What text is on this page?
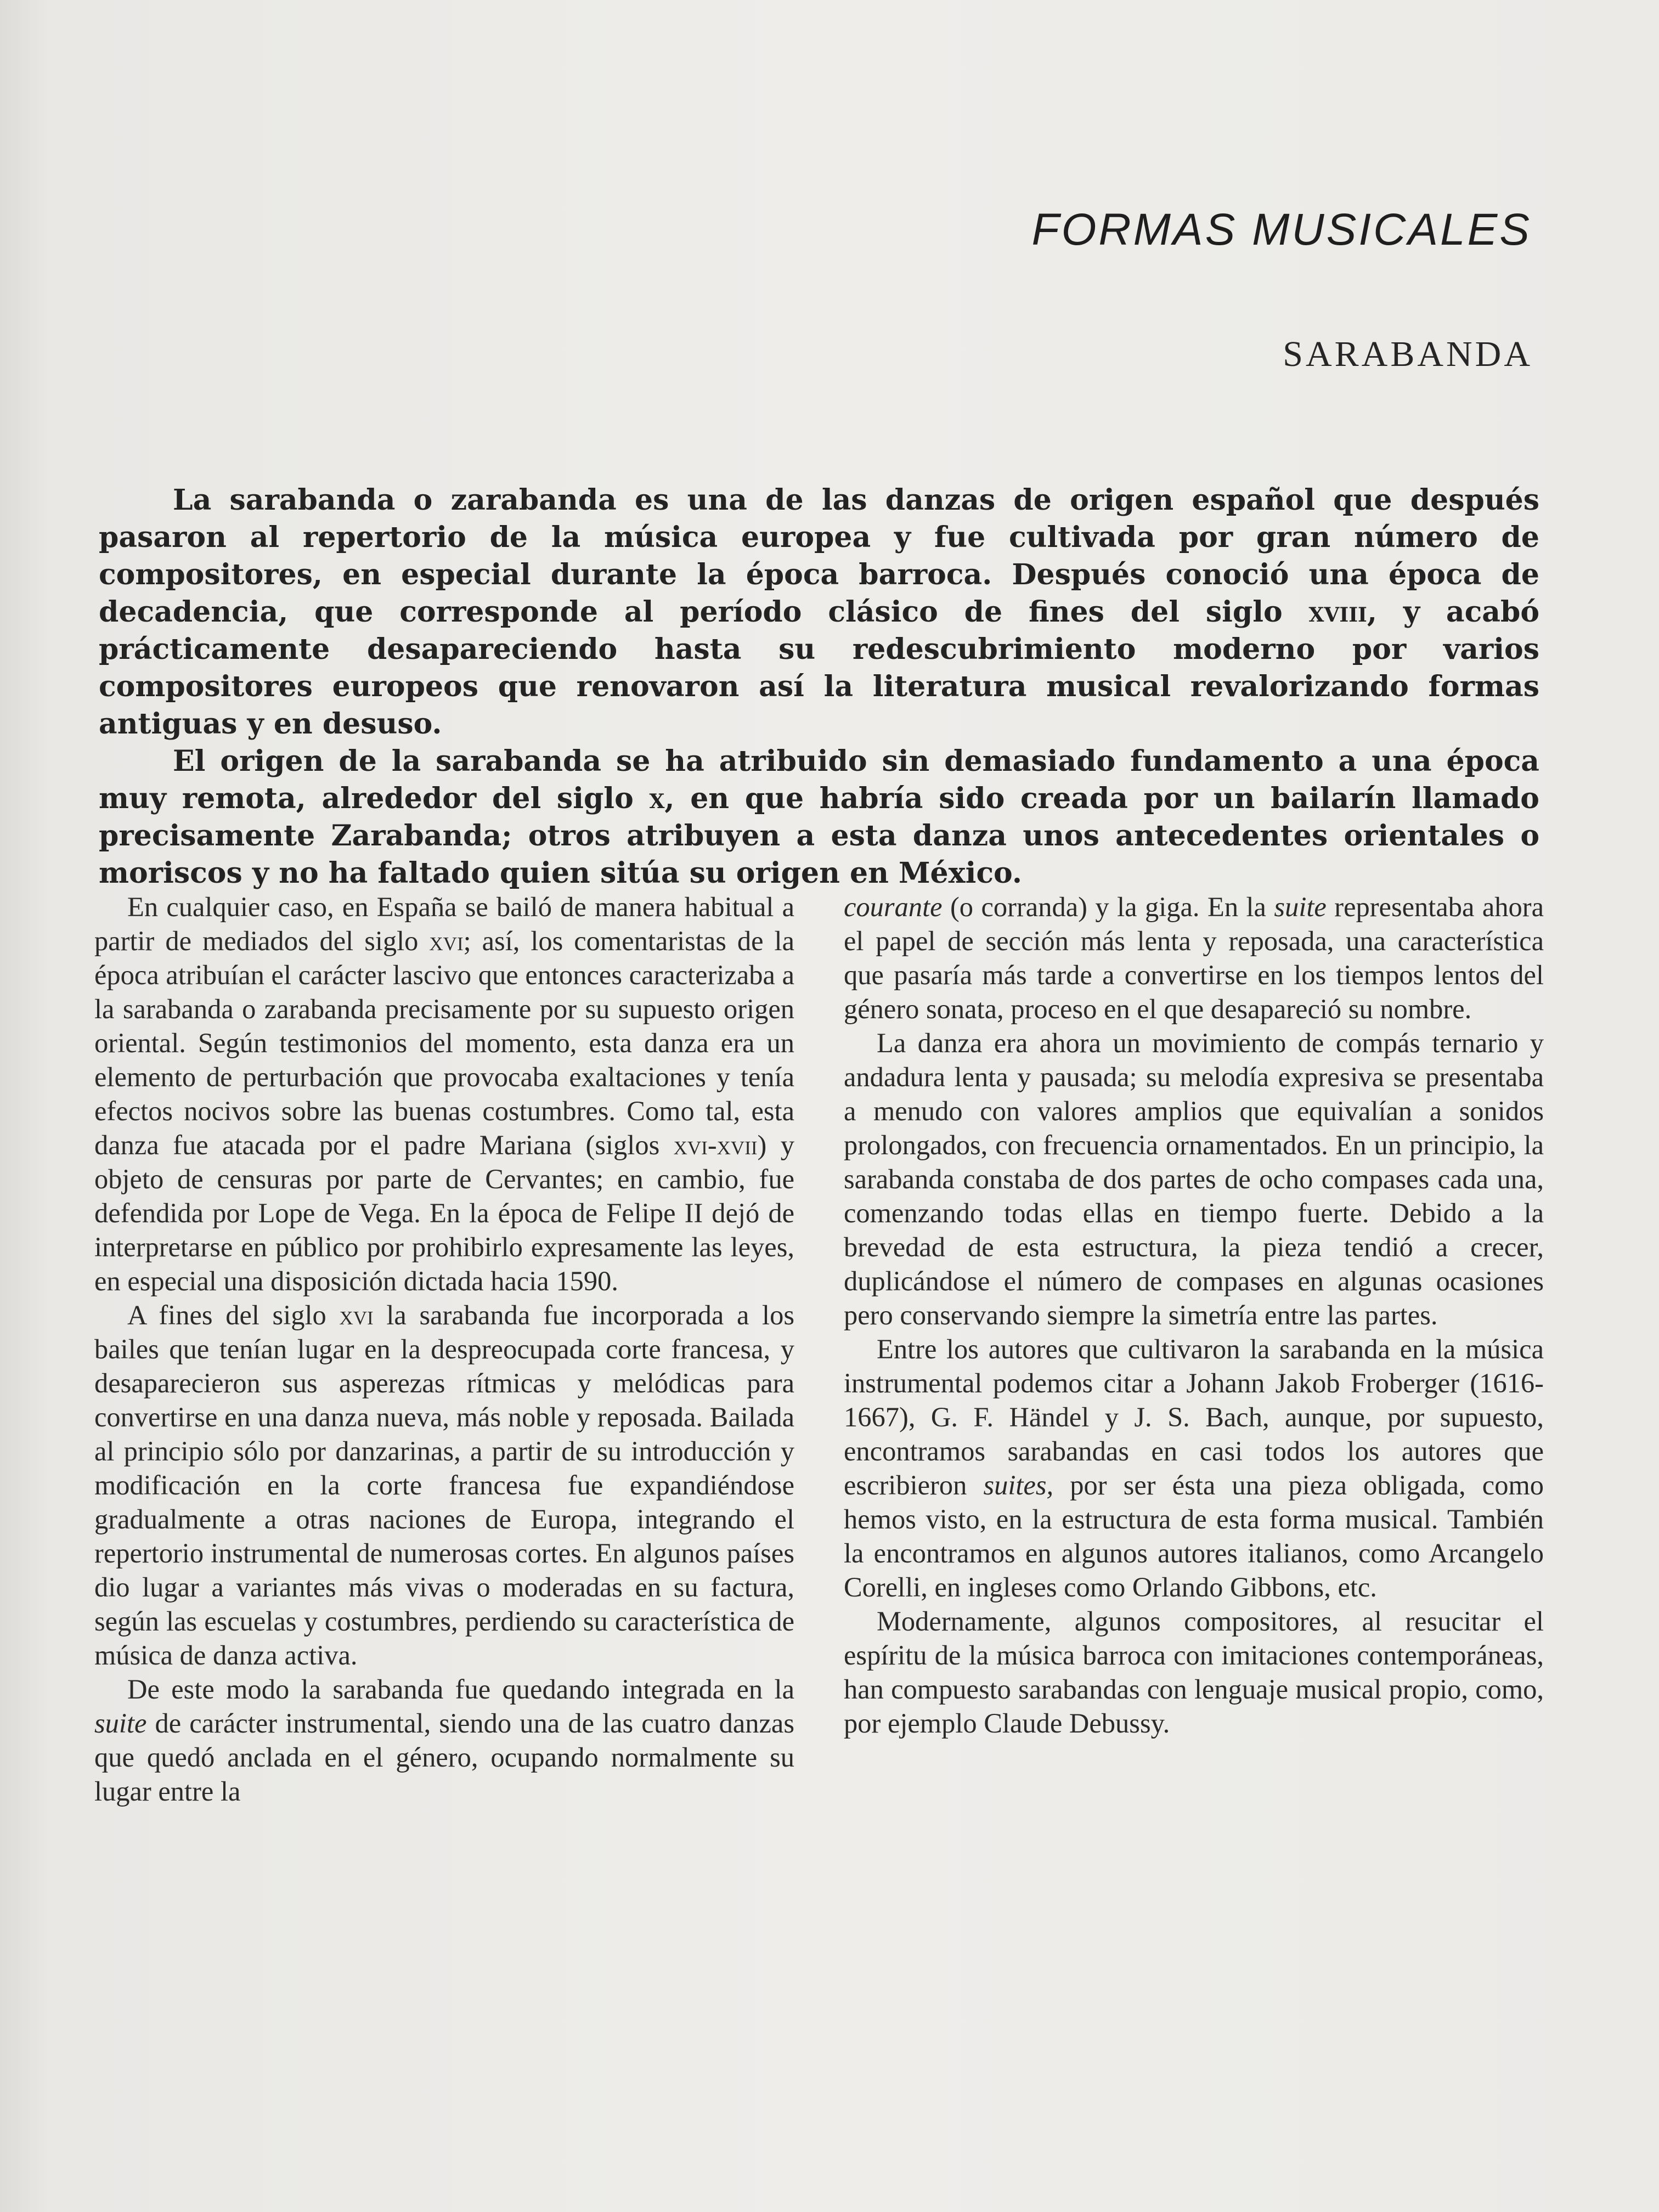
FORMAS MUSICALES
SARABANDA

La sarabanda o zarabanda es una de las danzas de origen español que después pasaron al repertorio de la música europea y fue cultivada por gran número de compositores, en especial durante la época barroca. Después conoció una época de decadencia, que corresponde al período clásico de fines del siglo xviii, y acabó prácticamente desapareciendo hasta su redescubrimiento moderno por varios compositores europeos que renovaron así la literatura musical revalorizando formas antiguas y en desuso.

El origen de la sarabanda se ha atribuido sin demasiado fundamento a una época muy remota, alrededor del siglo x, en que habría sido creada por un bailarín llamado precisamente Zarabanda; otros atribuyen a esta danza unos antecedentes orientales o moriscos y no ha faltado quien sitúa su origen en México.

En cualquier caso, en España se bailó de manera habitual a partir de mediados del siglo xvi; así, los comentaristas de la época atribuían el carácter lascivo que entonces caracterizaba a la sarabanda o zarabanda precisamente por su supuesto origen oriental. Según testimonios del momento, esta danza era un elemento de perturbación que provocaba exaltaciones y tenía efectos nocivos sobre las buenas costumbres. Como tal, esta danza fue atacada por el padre Mariana (siglos xvi-xvii) y objeto de censuras por parte de Cervantes; en cambio, fue defendida por Lope de Vega. En la época de Felipe II dejó de interpretarse en público por prohibirlo expresamente las leyes, en especial una disposición dictada hacia 1590.

A fines del siglo xvi la sarabanda fue incorporada a los bailes que tenían lugar en la despreocupada corte francesa, y desaparecieron sus asperezas rítmicas y melódicas para convertirse en una danza nueva, más noble y reposada. Bailada al principio sólo por danzarinas, a partir de su introducción y modificación en la corte francesa fue expandiéndose gradualmente a otras naciones de Europa, integrando el repertorio instrumental de numerosas cortes. En algunos países dio lugar a variantes más vivas o moderadas en su factura, según las escuelas y costumbres, perdiendo su característica de música de danza activa.

De este modo la sarabanda fue quedando integrada en la suite de carácter instrumental, siendo una de las cuatro danzas que quedó anclada en el género, ocupando normalmente su lugar entre la

courante (o corranda) y la giga. En la suite representaba ahora el papel de sección más lenta y reposada, una característica que pasaría más tarde a convertirse en los tiempos lentos del género sonata, proceso en el que desapareció su nombre.

La danza era ahora un movimiento de compás ternario y andadura lenta y pausada; su melodía expresiva se presentaba a menudo con valores amplios que equivalían a sonidos prolongados, con frecuencia ornamentados. En un principio, la sarabanda constaba de dos partes de ocho compases cada una, comenzando todas ellas en tiempo fuerte. Debido a la brevedad de esta estructura, la pieza tendió a crecer, duplicándose el número de compases en algunas ocasiones pero conservando siempre la simetría entre las partes.

Entre los autores que cultivaron la sarabanda en la música instrumental podemos citar a Johann Jakob Froberger (1616-1667), G. F. Händel y J. S. Bach, aunque, por supuesto, encontramos sarabandas en casi todos los autores que escribieron suites, por ser ésta una pieza obligada, como hemos visto, en la estructura de esta forma musical. También la encontramos en algunos autores italianos, como Arcangelo Corelli, en ingleses como Orlando Gibbons, etc.

Modernamente, algunos compositores, al resucitar el espíritu de la música barroca con imitaciones contemporáneas, han compuesto sarabandas con lenguaje musical propio, como, por ejemplo Claude Debussy.
